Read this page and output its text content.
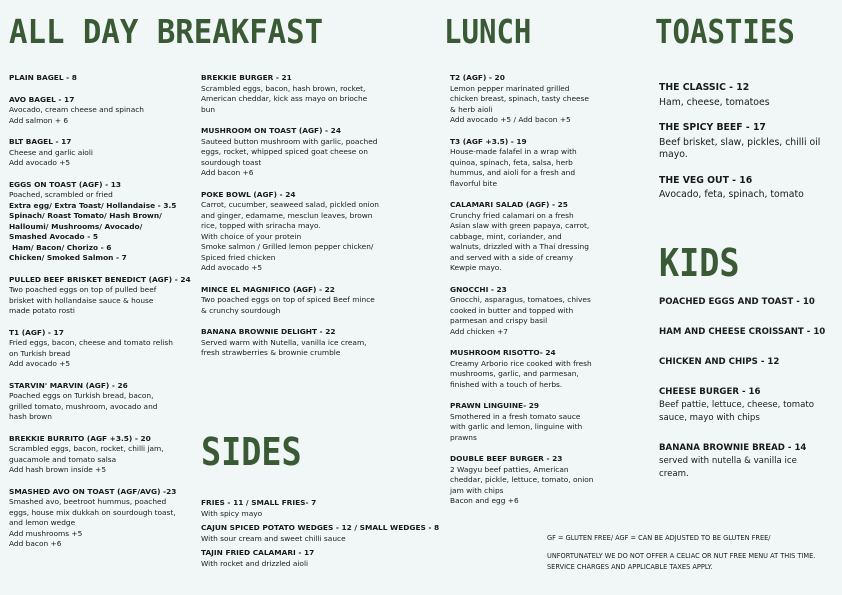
ALL DAY BREAKFAST	LUNCH	TOASTIES
SIDES
KIDS
PLAIN BAGEL - 8
AVO BAGEL - 17
Avocado, cream cheese and spinach
Add salmon + 6
BLT BAGEL - 17
Cheese and garlic aioli
Add avocado +5
EGGS ON TOAST (AGF) - 13
Poached, scrambled or fried
Extra egg/ Extra Toast/ Hollandaise - 3.5
Spinach/ Roast Tomato/ Hash Brown/
Halloumi/ Mushrooms/ Avocado/
Smashed Avocado - 5
Ham/ Bacon/ Chorizo - 6
Chicken/ Smoked Salmon - 7
PULLED BEEF BRISKET BENEDICT (AGF) - 24
Two poached eggs on top of pulled beef
brisket with hollandaise sauce & house
made potato rosti
T1 (AGF) - 17
Fried eggs, bacon, cheese and tomato relish
on Turkish bread
Add avocado +5
STARVIN' MARVIN (AGF) - 26
Poached eggs on Turkish bread, bacon,
grilled tomato, mushroom, avocado and
hash brown
BREKKIE BURRITO (AGF +3.5) - 20
Scrambled eggs, bacon, rocket, chilli jam,
guacamole and tomato salsa
Add hash brown inside +5
SMASHED AVO ON TOAST (AGF/AVG) -23
Smashed avo, beetroot hummus, poached
eggs, house mix dukkah on sourdough toast,
and lemon wedge
Add mushrooms +5
Add bacon +6
BREKKIE BURGER - 21
Scrambled eggs, bacon, hash brown, rocket,
American cheddar, kick ass mayo on brioche
bun
MUSHROOM ON TOAST (AGF) - 24
Sauteed button mushroom with garlic, poached
eggs, rocket, whipped spiced goat cheese on
sourdough toast
Add bacon +6
POKE BOWL (AGF) - 24
Carrot, cucumber, seaweed salad, pickled onion
and ginger, edamame, mesclun leaves, brown
rice, topped with sriracha mayo.
With choice of your protein
Smoke salmon / Grilled lemon pepper chicken/
Spiced fried chicken
Add avocado +5
MINCE EL MAGNIFICO (AGF) - 22
Two poached eggs on top of spiced Beef mince
& crunchy sourdough
BANANA BROWNIE DELIGHT - 22
Served warm with Nutella, vanilla ice cream,
fresh strawberries & brownie crumble
FRIES - 11 / SMALL FRIES- 7
With spicy mayo
CAJUN SPICED POTATO WEDGES - 12 / SMALL WEDGES - 8
With sour cream and sweet chilli sauce
TAJIN FRIED CALAMARI - 17
With rocket and drizzled aioli
T2 (AGF) - 20
Lemon pepper marinated grilled
chicken breast, spinach, tasty cheese
& herb aioli
Add avocado +5 / Add bacon +5
T3 (AGF +3.5) - 19
House-made falafel in a wrap with
quinoa, spinach, feta, salsa, herb
hummus, and aioli for a fresh and
flavorful bite
CALAMARI SALAD (AGF) - 25
Crunchy fried calamari on a fresh
Asian slaw with green papaya, carrot,
cabbage, mint, coriander, and
walnuts, drizzled with a Thai dressing
and served with a side of creamy
Kewpie mayo.
GNOCCHI - 23
Gnocchi, asparagus, tomatoes, chives
cooked in butter and topped with
parmesan and crispy basil
Add chicken +7
MUSHROOM RISOTTO- 24
Creamy Arborio rice cooked with fresh
mushrooms, garlic, and parmesan,
finished with a touch of herbs.
PRAWN LINGUINE- 29
Smothered in a fresh tomato sauce
with garlic and lemon, linguine with
prawns
DOUBLE BEEF BURGER - 23
2 Wagyu beef patties, American
cheddar, pickle, lettuce, tomato, onion
jam with chips
Bacon and egg +6
THE CLASSIC - 12
Ham, cheese, tomatoes
THE SPICY BEEF - 17
Beef brisket, slaw, pickles, chilli oil
mayo.
THE VEG OUT - 16
Avocado, feta, spinach, tomato
POACHED EGGS AND TOAST - 10
HAM AND CHEESE CROISSANT - 10
CHICKEN AND CHIPS - 12
CHEESE BURGER - 16
Beef pattie, lettuce, cheese, tomato
sauce, mayo with chips
BANANA BROWNIE BREAD - 14
served with nutella & vanilla ice
cream.
GF = GLUTEN FREE/ AGF = CAN BE ADJUSTED TO BE GLUTEN FREE/
UNFORTUNATELY WE DO NOT OFFER A CELIAC OR NUT FREE MENU AT THIS TIME.
SERVICE CHARGES AND APPLICABLE TAXES APPLY.
